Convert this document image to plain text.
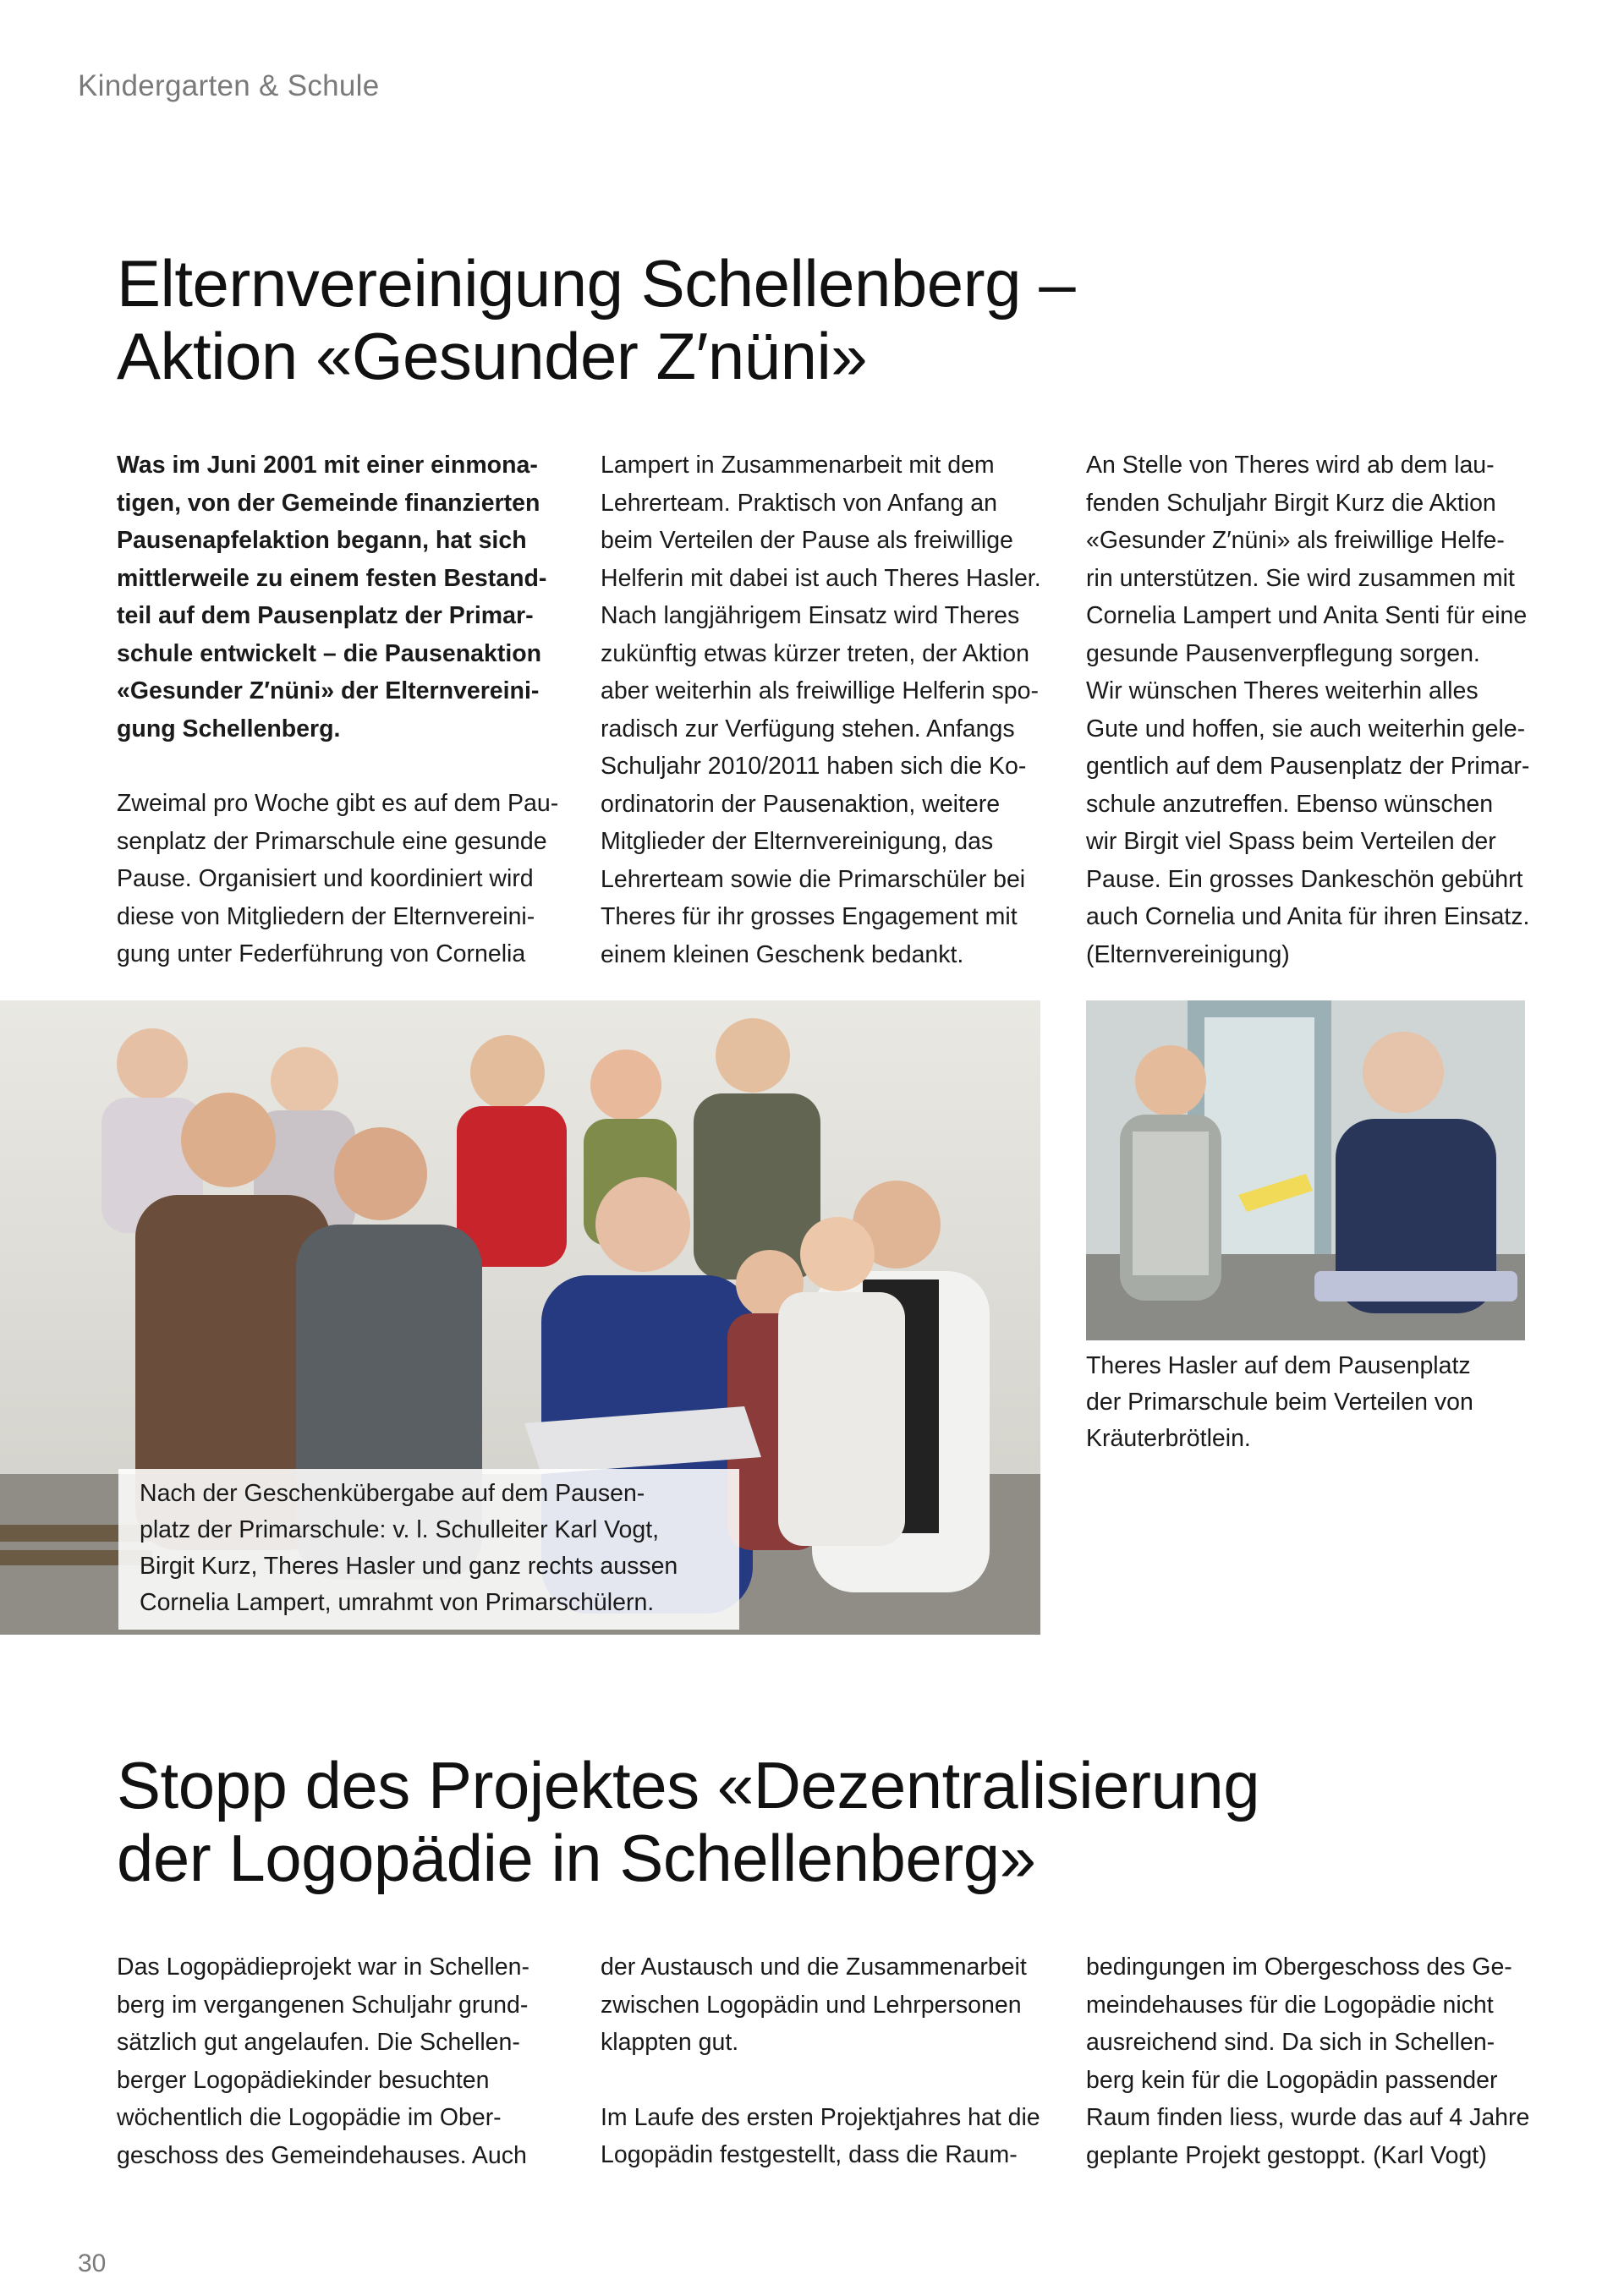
Kindergarten & Schule
Elternvereinigung Schellenberg –
Aktion «Gesunder Z′nüni»

Was im Juni 2001 mit einer einmona-

tigen, von der Gemeinde finanzierten

Pausenapfelaktion begann, hat sich

mittlerweile zu einem festen Bestand-

teil auf dem Pausenplatz der Primar-

schule entwickelt – die Pausenaktion

«Gesunder Z′nüni» der Elternvereini-

gung Schellenberg.

Zweimal pro Woche gibt es auf dem Pau-

senplatz der Primarschule eine gesunde

Pause. Organisiert und koordiniert wird

diese von Mitgliedern der Elternvereini-

gung unter Federführung von Cornelia

Lampert in Zusammenarbeit mit dem

Lehrerteam. Praktisch von Anfang an

beim Verteilen der Pause als freiwillige

Helferin mit dabei ist auch Theres Hasler.

Nach langjährigem Einsatz wird Theres

zukünftig etwas kürzer treten, der Aktion

aber weiterhin als freiwillige Helferin spo-

radisch zur Verfügung stehen. Anfangs

Schuljahr 2010/2011 haben sich die Ko-

ordinatorin der Pausenaktion, weitere

Mitglieder der Elternvereinigung, das

Lehrerteam sowie die Primarschüler bei

Theres für ihr grosses Engagement mit

einem kleinen Geschenk bedankt.

An Stelle von Theres wird ab dem lau-

fenden Schuljahr Birgit Kurz die Aktion

«Gesunder Z′nüni» als freiwillige Helfe-

rin unterstützen. Sie wird zusammen mit

Cornelia Lampert und Anita Senti für eine

gesunde Pausenverpflegung sorgen.

Wir wünschen Theres weiterhin alles

Gute und hoffen, sie auch weiterhin gele-

gentlich auf dem Pausenplatz der Primar-

schule anzutreffen. Ebenso wünschen

wir Birgit viel Spass beim Verteilen der

Pause. Ein grosses Dankeschön gebührt

auch Cornelia und Anita für ihren Einsatz.

(Elternvereinigung)

Nach der Geschenkübergabe auf dem Pausen-

platz der Primarschule: v. l. Schulleiter Karl Vogt,

Birgit Kurz, Theres Hasler und ganz rechts aussen

Cornelia Lampert, umrahmt von Primarschülern.

Theres Hasler auf dem Pausenplatz

der Primarschule beim Verteilen von

Kräuterbrötlein.

Stopp des Projektes «Dezentralisierung
der Logopädie in Schellenberg»

Das Logopädieprojekt war in Schellen-

berg im vergangenen Schuljahr grund-

sätzlich gut angelaufen. Die Schellen-

berger Logopädiekinder besuchten

wöchentlich die Logopädie im Ober-

geschoss des Gemeindehauses. Auch

der Austausch und die Zusammenarbeit

zwischen Logopädin und Lehrpersonen

klappten gut.

Im Laufe des ersten Projektjahres hat die

Logopädin festgestellt, dass die Raum-

bedingungen im Obergeschoss des Ge-

meindehauses für die Logopädie nicht

ausreichend sind. Da sich in Schellen-

berg kein für die Logopädin passender

Raum finden liess, wurde das auf 4 Jahre

geplante Projekt gestoppt. (Karl Vogt)

30
